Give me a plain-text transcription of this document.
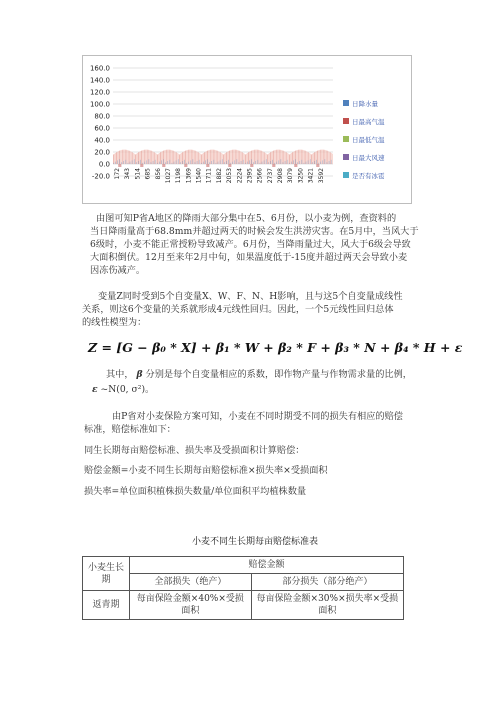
160.0
140.0
120.0
100.0
80.0
60.0
40.0
20.0
0.0
-20.0 172 343 514 685 856 1027 1198 1369 1540 1711 1882 2053 2224 2395 2566 2737 2908 3079 3250 3421 3592
日降水量
日最高气温
日最低气温
日最大风速
是否有冰雹
由图可知P省A地区的降雨大部分集中在5、6月份，以小麦为例，查资料的
当日降雨量高于68.8mm并超过两天的时候会发生洪涝灾害。在5月中，当风大于
6级时，小麦不能正常授粉导致减产。6月份，当降雨量过大，风大于6级会导致
大面积倒伏。12月至来年2月中旬，如果温度低于-15度并超过两天会导致小麦
因冻伤减产。
变量Z同时受到5个自变量X、W、F、N、H影响，且与这5个自变量成线性
关系，则这6个变量的关系就形成4元线性回归。因此，一个5元线性回归总体
的线性模型为：
Z = [G − β₀ * X] + β₁ * W + β₂ * F + β₃ * N + β₄ * H + ε
其中， β 分别是每个自变量相应的系数，即作物产量与作物需求量的比例，
ε ~N(0, σ²)。
由P省对小麦保险方案可知，小麦在不同时期受不同的损失有相应的赔偿
标准，赔偿标准如下：
同生长期每亩赔偿标准、损失率及受损面积计算赔偿：
赔偿金额=小麦不同生长期每亩赔偿标准×损失率×受损面积
损失率=单位面积植株损失数量/单位面积平均植株数量
小麦不同生长期每亩赔偿标准表
小麦生长期	赔偿金额	
	全部损失（绝产）	部分损失（部分绝产）
返青期	每亩保险金额×40%×受损面积	每亩保险金额×30%×损失率×受损面积
